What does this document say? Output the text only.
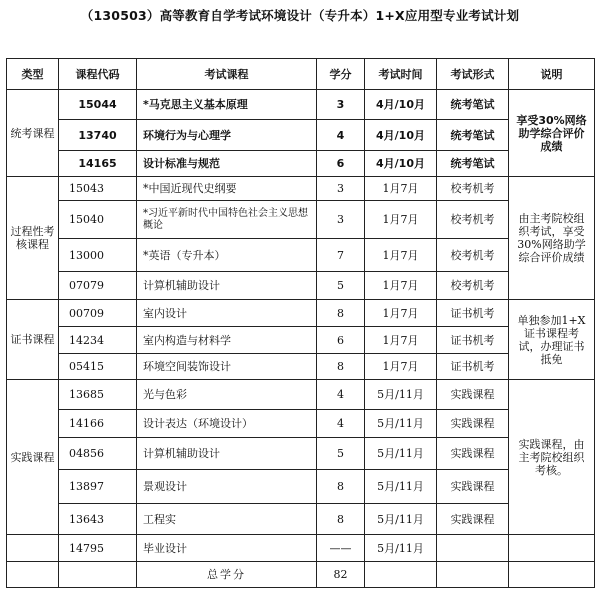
（130503）高等教育自学考试环境设计（专升本）1+X应用型专业考试计划
类型	课程代码	考试课程	学分	考试时间	考试形式	说明
统考课程	15044	*马克思主义基本原理	3	4月/10月	统考笔试	享受30%网络助学综合评价成绩
	13740	环境行为与心理学	4	4月/10月	统考笔试	
	14165	设计标准与规范	6	4月/10月	统考笔试	
过程性考核课程	15043	*中国近现代史纲要	3	1月7月	校考机考	由主考院校组织考试，享受30%网络助学综合评价成绩
	15040	*习近平新时代中国特色社会主义思想概论	3	1月7月	校考机考	
	13000	*英语（专升本）	7	1月7月	校考机考	
	07079	计算机辅助设计	5	1月7月	校考机考	
证书课程	00709	室内设计	8	1月7月	证书机考	单独参加1+X证书课程考试，办理证书抵免
	14234	室内构造与材料学	6	1月7月	证书机考	
	05415	环境空间装饰设计	8	1月7月	证书机考	
实践课程	13685	光与色彩	4	5月/11月	实践课程	实践课程，由主考院校组织考核。
	14166	设计表达（环境设计）	4	5月/11月	实践课程	
	04856	计算机辅助设计	5	5月/11月	实践课程	
	13897	景观设计	8	5月/11月	实践课程	
	13643	工程实	8	5月/11月	实践课程	
	14795	毕业设计	——	5月/11月		
		总学分	82			
